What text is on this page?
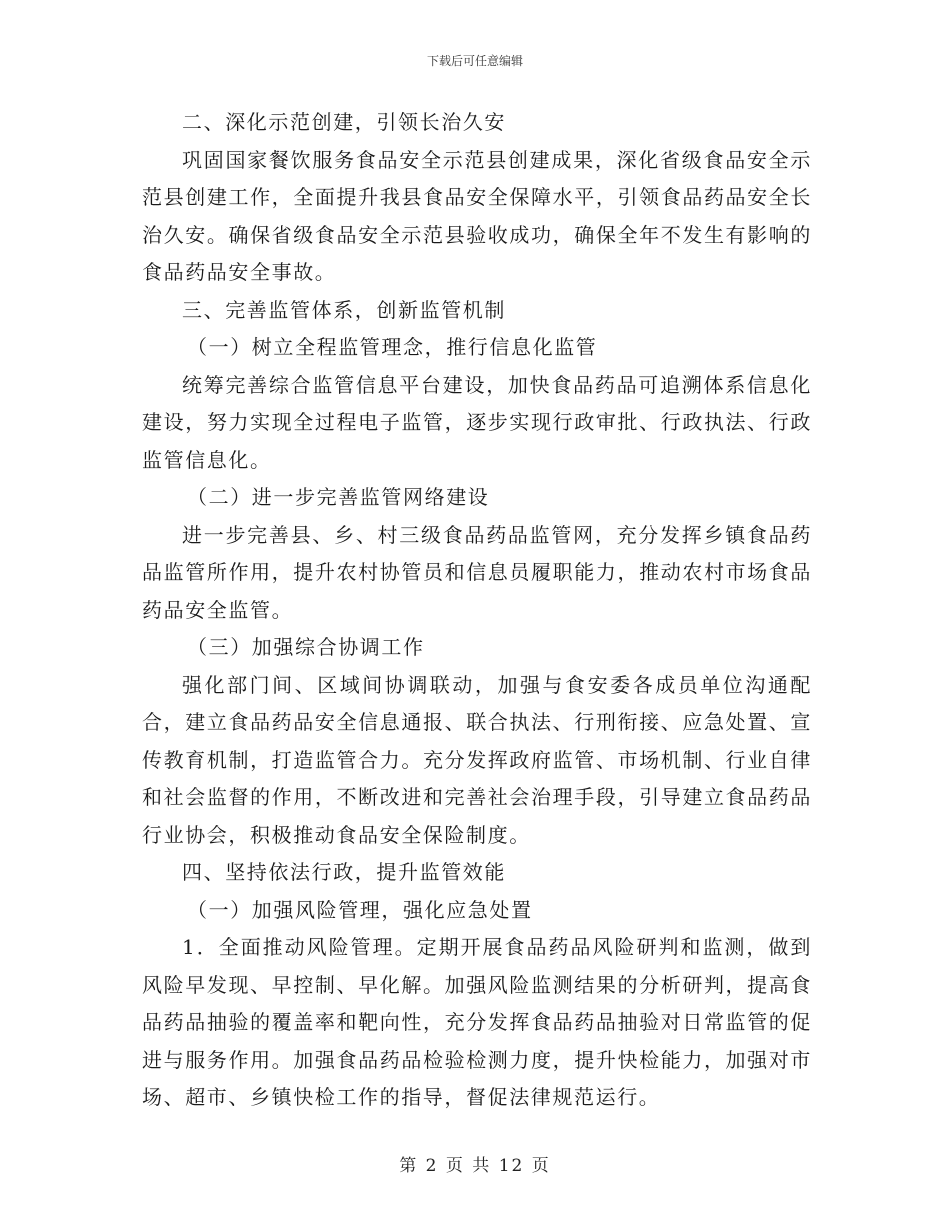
下载后可任意编辑

二、深化示范创建，引领长治久安

巩固国家餐饮服务食品安全示范县创建成果，深化省级食品安全示范县创建工作，全面提升我县食品安全保障水平，引领食品药品安全长治久安。确保省级食品安全示范县验收成功，确保全年不发生有影响的食品药品安全事故。

三、完善监管体系，创新监管机制

（一）树立全程监管理念，推行信息化监管

统筹完善综合监管信息平台建设，加快食品药品可追溯体系信息化建设，努力实现全过程电子监管，逐步实现行政审批、行政执法、行政监管信息化。

（二）进一步完善监管网络建设

进一步完善县、乡、村三级食品药品监管网，充分发挥乡镇食品药品监管所作用，提升农村协管员和信息员履职能力，推动农村市场食品药品安全监管。

（三）加强综合协调工作

强化部门间、区域间协调联动，加强与食安委各成员单位沟通配合，建立食品药品安全信息通报、联合执法、行刑衔接、应急处置、宣传教育机制，打造监管合力。充分发挥政府监管、市场机制、行业自律和社会监督的作用，不断改进和完善社会治理手段，引导建立食品药品行业协会，积极推动食品安全保险制度。

四、坚持依法行政，提升监管效能

（一）加强风险管理，强化应急处置

1．全面推动风险管理。定期开展食品药品风险研判和监测，做到风险早发现、早控制、早化解。加强风险监测结果的分析研判，提高食品药品抽验的覆盖率和靶向性，充分发挥食品药品抽验对日常监管的促进与服务作用。加强食品药品检验检测力度，提升快检能力，加强对市场、超市、乡镇快检工作的指导，督促法律规范运行。

第 2 页 共 12 页
